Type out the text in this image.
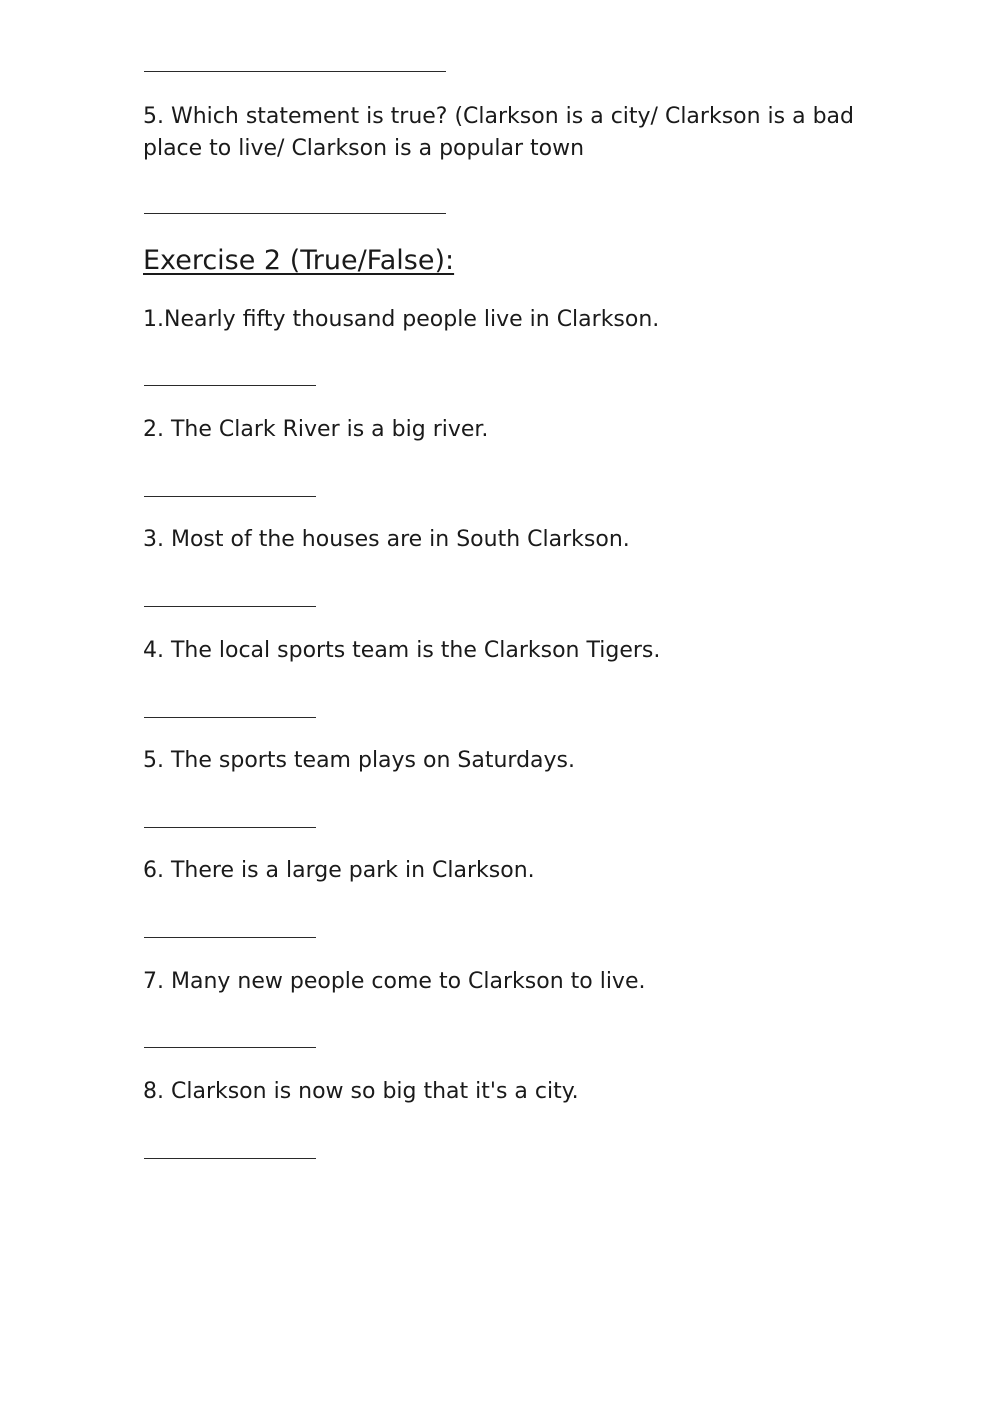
5. Which statement is true? (Clarkson is a city/ Clarkson is a bad place to live/ Clarkson is a popular town
Exercise 2 (True/False):
1.Nearly fifty thousand people live in Clarkson.
2. The Clark River is a big river.
3. Most of the houses are in South Clarkson.
4. The local sports team is the Clarkson Tigers.
5. The sports team plays on Saturdays.
6. There is a large park in Clarkson.
7. Many new people come to Clarkson to live.
8. Clarkson is now so big that it's a city.
